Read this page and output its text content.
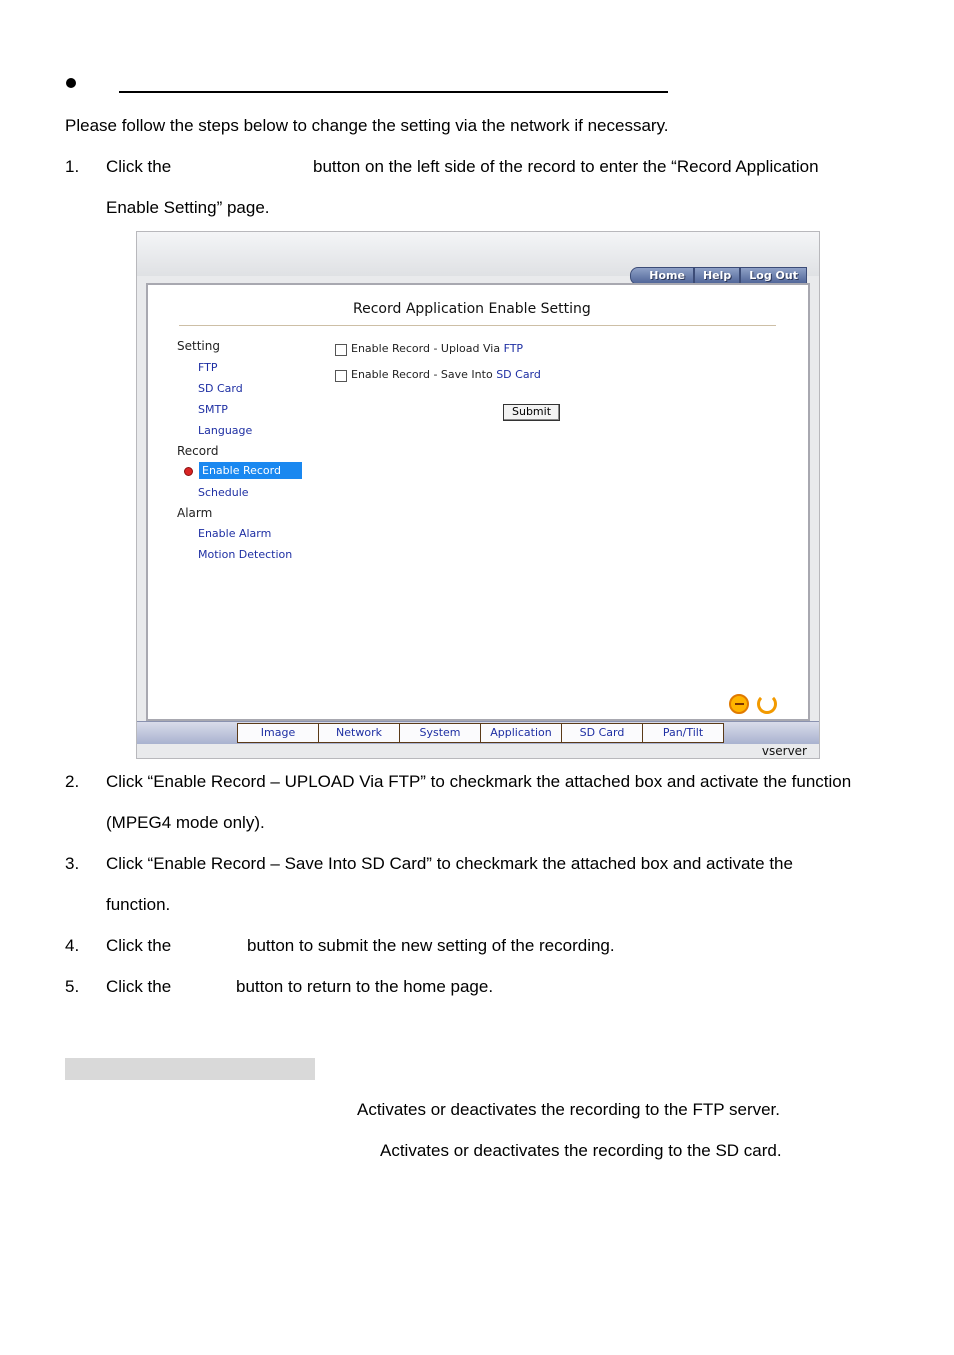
Please follow the steps below to change the setting via the network if necessary.
1.	Click the	button on the left side of the record to enter the “Record Application
Enable Setting” page.
Home	Help	Log Out
Record Application Enable Setting
Setting
FTP
SD Card
SMTP
Language
Record
Enable Record
Schedule
Alarm
Enable Alarm
Motion Detection
Enable Record - Upload Via FTP
Enable Record - Save Into SD Card
Submit
Image	Network	System	Application	SD Card	Pan/Tilt
vserver
2.	Click “Enable Record – UPLOAD Via FTP” to checkmark the attached box and activate the function
(MPEG4 mode only).
3.	Click “Enable Record – Save Into SD Card” to checkmark the attached box and activate the
function.
4.	Click the	button to submit the new setting of the recording.
5.	Click the	button to return to the home page.
Activates or deactivates the recording to the FTP server.
Activates or deactivates the recording to the SD card.
